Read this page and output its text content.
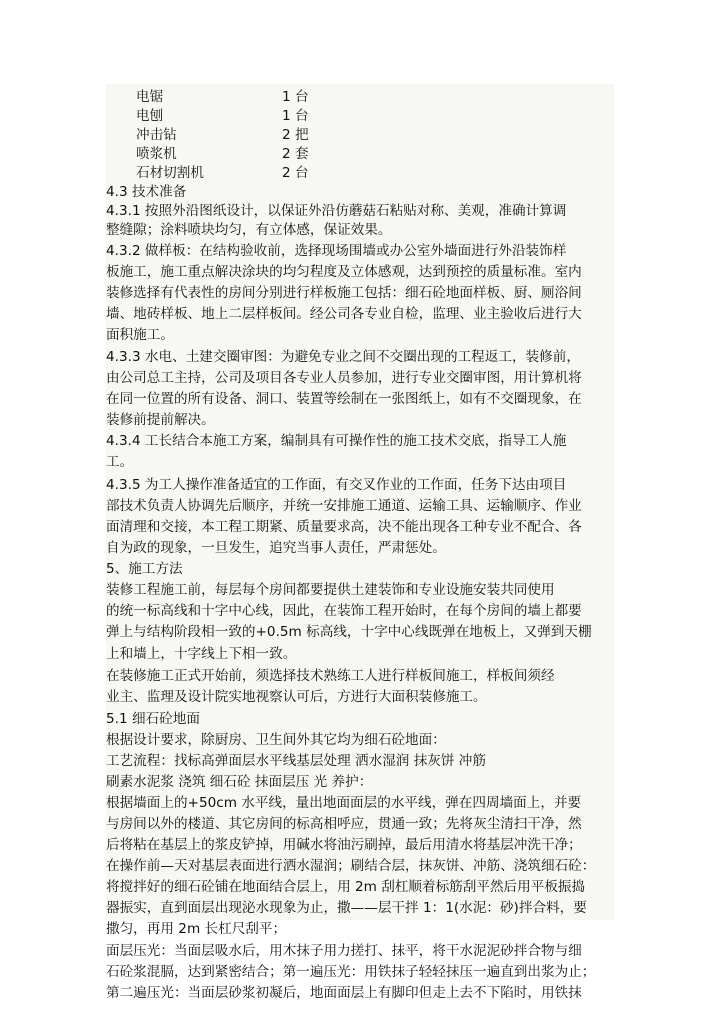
电锯	1 台
电刨	1 台
冲击钻	2 把
喷浆机	2 套
石材切割机	2 台
4.3 技术准备
4.3.1 按照外沿图纸设计，以保证外沿仿蘑菇石粘贴对称、美观，准确计算调
整缝隙；涂料喷块均匀，有立体感，保证效果。
4.3.2 做样板：在结构验收前，选择现场围墙或办公室外墙面进行外沿装饰样
板施工，施工重点解决涂块的均匀程度及立体感观，达到预控的质量标准。室内
装修选择有代表性的房间分别进行样板施工包括：细石砼地面样板、厨、厕浴间
墙、地砖样板、地上二层样板间。经公司各专业自检，监理、业主验收后进行大
面积施工。
4.3.3 水电、土建交圈审图：为避免专业之间不交圈出现的工程返工，装修前，
由公司总工主持，公司及项目各专业人员参加，进行专业交圈审图，用计算机将
在同一位置的所有设备、洞口、装置等绘制在一张图纸上，如有不交圈现象，在
装修前提前解决。
4.3.4 工长结合本施工方案，编制具有可操作性的施工技术交底，指导工人施
工。
4.3.5 为工人操作准备适宜的工作面，有交叉作业的工作面，任务下达由项目
部技术负责人协调先后顺序，并统一安排施工通道、运输工具、运输顺序、作业
面清理和交接，本工程工期紧、质量要求高，决不能出现各工种专业不配合、各
自为政的现象，一旦发生，追究当事人责任，严肃惩处。
5、施工方法
装修工程施工前，每层每个房间都要提供土建装饰和专业设施安装共同使用
的统一标高线和十字中心线，因此，在装饰工程开始时，在每个房间的墙上都要
弹上与结构阶段相一致的+0.5m 标高线，十字中心线既弹在地板上，又弹到天棚
上和墙上，十字线上下相一致。
在装修施工正式开始前，须选择技术熟练工人进行样板间施工，样板间须经
业主、监理及设计院实地视察认可后，方进行大面积装修施工。
5.1 细石砼地面
根据设计要求，除厨房、卫生间外其它均为细石砼地面：
工艺流程：找标高弹面层水平线基层处理 洒水湿润 抹灰饼 冲筋
刷素水泥浆 浇筑 细石砼 抹面层压 光 养护：
根据墙面上的+50cm 水平线，量出地面面层的水平线，弹在四周墙面上，并要
与房间以外的楼道、其它房间的标高相呼应，贯通一致；先将灰尘清扫干净，然
后将粘在基层上的浆皮铲掉，用碱水将油污刷掉，最后用清水将基层冲洗干净；
在操作前—天对基层表面进行洒水湿润；刷结合层，抹灰饼、冲筋、浇筑细石砼：
将搅拌好的细石砼铺在地面结合层上，用 2m 刮杠顺着标筋刮平然后用平板振捣
器振实，直到面层出现泌水现象为止，撒——层干拌 1：1(水泥：砂)拌合料，要
撒匀，再用 2m 长杠尺刮平；
面层压光：当面层吸水后，用木抹子用力搓打、抹平，将干水泥泥砂拌合物与细
石砼浆混膈，达到紧密结合；第一遍压光：用铁抹子轻轻抹压一遍直到出浆为止；
第二遍压光：当面层砂浆初凝后，地面面层上有脚印但走上去不下陷时，用铁抹
